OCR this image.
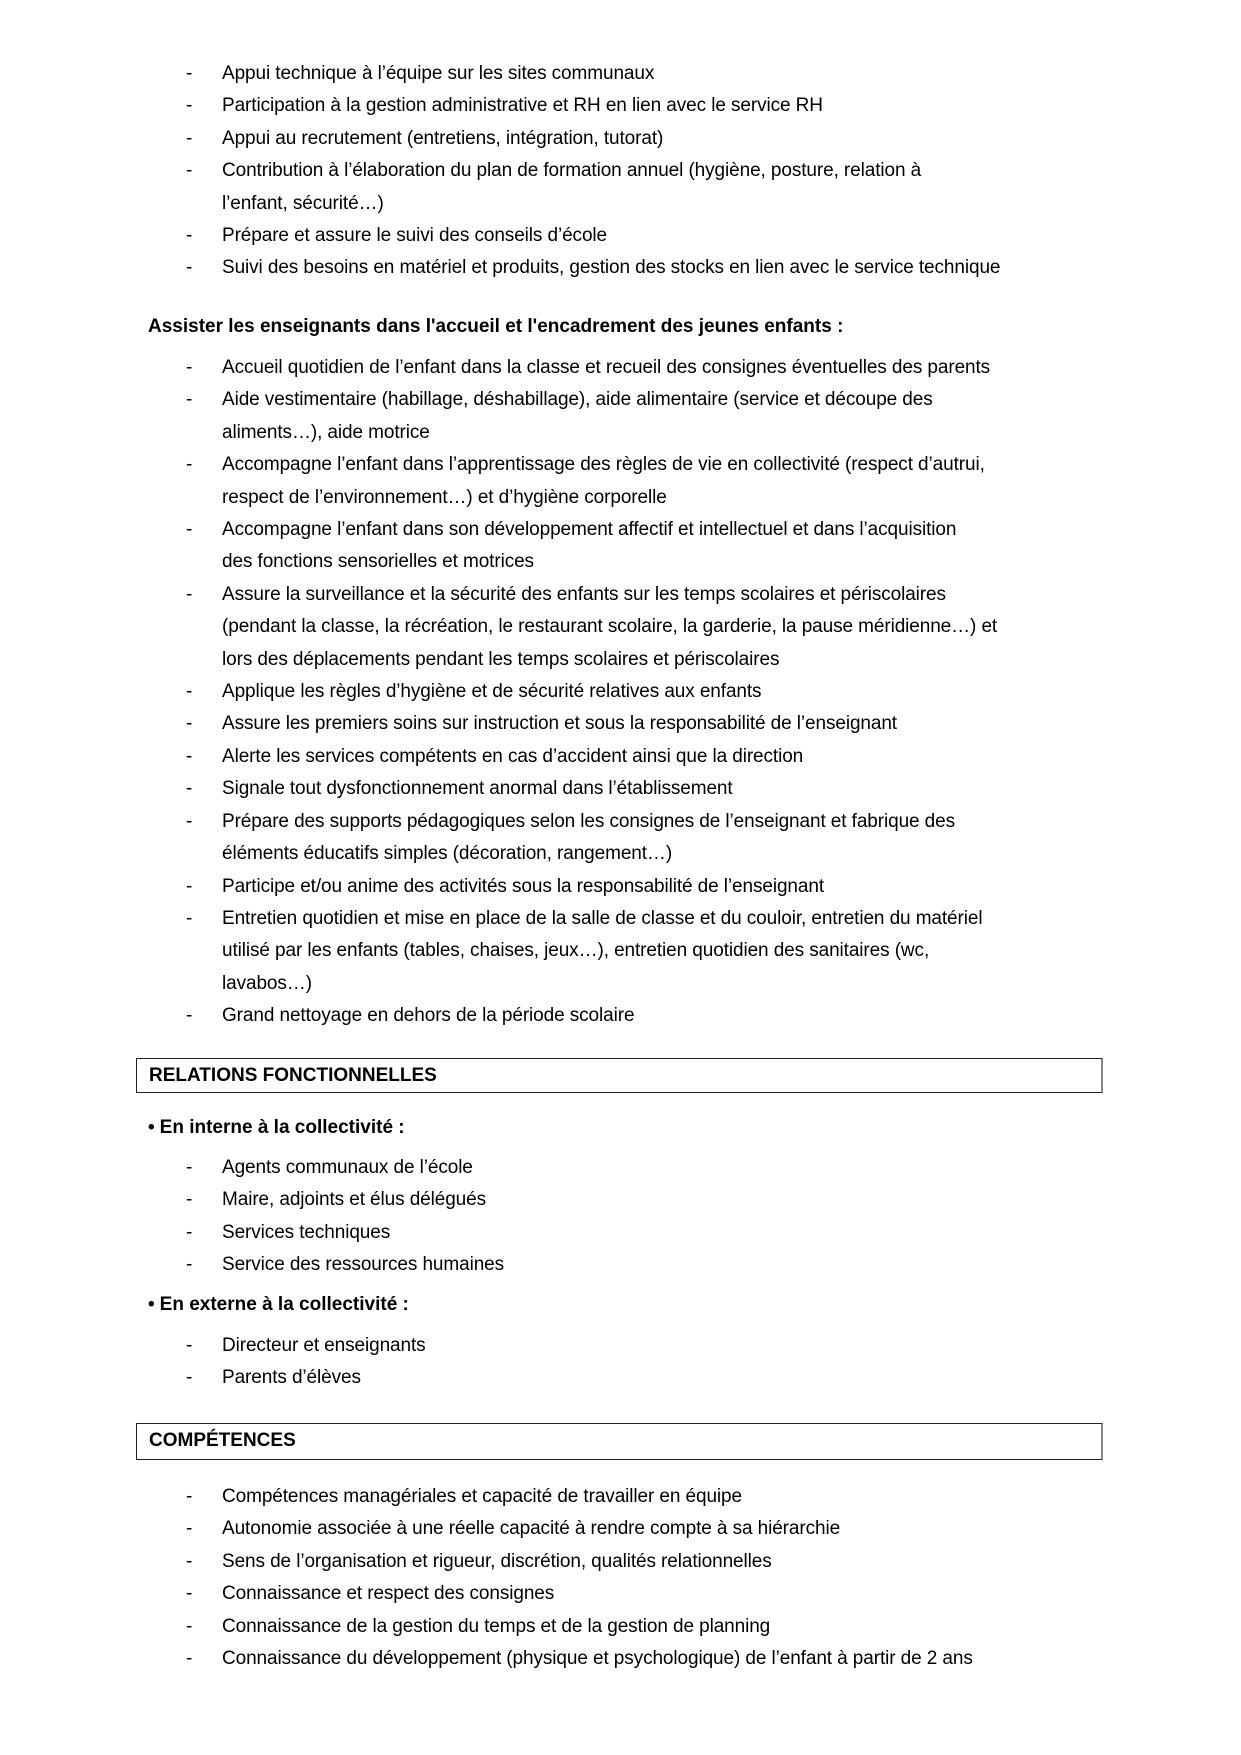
- Appui technique à l’équipe sur les sites communaux
- Participation à la gestion administrative et RH en lien avec le service RH
- Appui au recrutement (entretiens, intégration, tutorat)
- Contribution à l’élaboration du plan de formation annuel (hygiène, posture, relation à
l’enfant, sécurité…)
- Prépare et assure le suivi des conseils d’école
- Suivi des besoins en matériel et produits, gestion des stocks en lien avec le service technique
Assister les enseignants dans l'accueil et l'encadrement des jeunes enfants :
- Accueil quotidien de l’enfant dans la classe et recueil des consignes éventuelles des parents
- Aide vestimentaire (habillage, déshabillage), aide alimentaire (service et découpe des
aliments…), aide motrice
- Accompagne l’enfant dans l’apprentissage des règles de vie en collectivité (respect d’autrui,
respect de l’environnement…) et d’hygiène corporelle
- Accompagne l’enfant dans son développement affectif et intellectuel et dans l’acquisition
des fonctions sensorielles et motrices
- Assure la surveillance et la sécurité des enfants sur les temps scolaires et périscolaires
(pendant la classe, la récréation, le restaurant scolaire, la garderie, la pause méridienne…) et
lors des déplacements pendant les temps scolaires et périscolaires
- Applique les règles d’hygiène et de sécurité relatives aux enfants
- Assure les premiers soins sur instruction et sous la responsabilité de l’enseignant
- Alerte les services compétents en cas d’accident ainsi que la direction
- Signale tout dysfonctionnement anormal dans l’établissement
- Prépare des supports pédagogiques selon les consignes de l’enseignant et fabrique des
éléments éducatifs simples (décoration, rangement…)
- Participe et/ou anime des activités sous la responsabilité de l’enseignant
- Entretien quotidien et mise en place de la salle de classe et du couloir, entretien du matériel
utilisé par les enfants (tables, chaises, jeux…), entretien quotidien des sanitaires (wc,
lavabos…)
- Grand nettoyage en dehors de la période scolaire
RELATIONS FONCTIONNELLES
• En interne à la collectivité :
- Agents communaux de l’école
- Maire, adjoints et élus délégués
- Services techniques
- Service des ressources humaines
• En externe à la collectivité :
- Directeur et enseignants
- Parents d’élèves
COMPÉTENCES
- Compétences managériales et capacité de travailler en équipe
- Autonomie associée à une réelle capacité à rendre compte à sa hiérarchie
- Sens de l’organisation et rigueur, discrétion, qualités relationnelles
- Connaissance et respect des consignes
- Connaissance de la gestion du temps et de la gestion de planning
- Connaissance du développement (physique et psychologique) de l’enfant à partir de 2 ans
